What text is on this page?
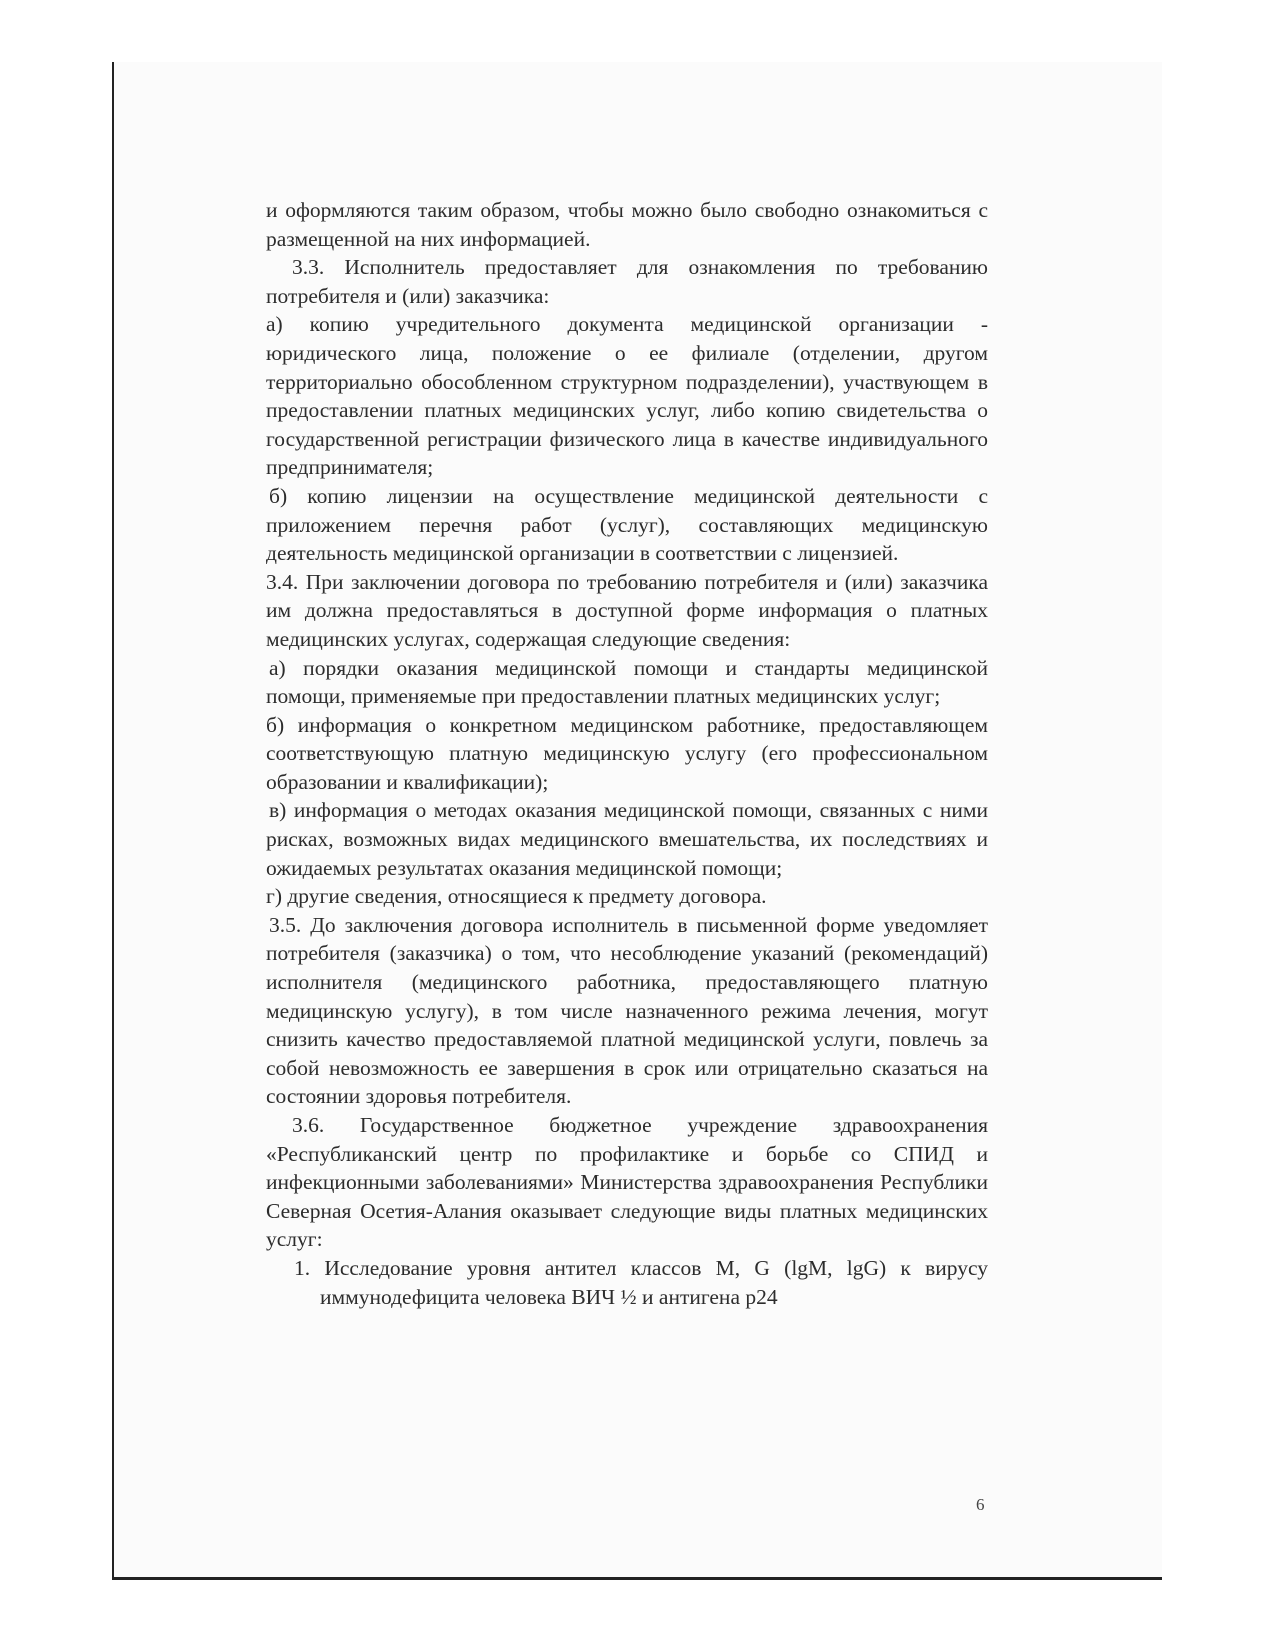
и оформляются таким образом, чтобы можно было свободно ознакомиться с размещенной на них информацией.

3.3. Исполнитель предоставляет для ознакомления по требованию потребителя и (или) заказчика:

а) копию учредительного документа медицинской организации - юридического лица, положение о ее филиале (отделении, другом территориально обособленном структурном подразделении), участвующем в предоставлении платных медицинских услуг, либо копию свидетельства о государственной регистрации физического лица в качестве индивидуального предпринимателя;

б) копию лицензии на осуществление медицинской деятельности с приложением перечня работ (услуг), составляющих медицинскую деятельность медицинской организации в соответствии с лицензией.

3.4. При заключении договора по требованию потребителя и (или) заказчика им должна предоставляться в доступной форме информация о платных медицинских услугах, содержащая следующие сведения:

а) порядки оказания медицинской помощи и стандарты медицинской помощи, применяемые при предоставлении платных медицинских услуг;

б) информация о конкретном медицинском работнике, предоставляющем соответствующую платную медицинскую услугу (его профессиональном образовании и квалификации);

в) информация о методах оказания медицинской помощи, связанных с ними рисках, возможных видах медицинского вмешательства, их последствиях и ожидаемых результатах оказания медицинской помощи;

г) другие сведения, относящиеся к предмету договора.

3.5. До заключения договора исполнитель в письменной форме уведомляет потребителя (заказчика) о том, что несоблюдение указаний (рекомендаций) исполнителя (медицинского работника, предоставляющего платную медицинскую услугу), в том числе назначенного режима лечения, могут снизить качество предоставляемой платной медицинской услуги, повлечь за собой невозможность ее завершения в срок или отрицательно сказаться на состоянии здоровья потребителя.

3.6. Государственное бюджетное учреждение здравоохранения «Республиканский центр по профилактике и борьбе со СПИД и инфекционными заболеваниями» Министерства здравоохранения Республики Северная Осетия-Алания оказывает следующие виды платных медицинских услуг:

1. Исследование уровня антител классов М, G (lgM, lgG) к вирусу иммунодефицита человека ВИЧ ½ и антигена р24

6
